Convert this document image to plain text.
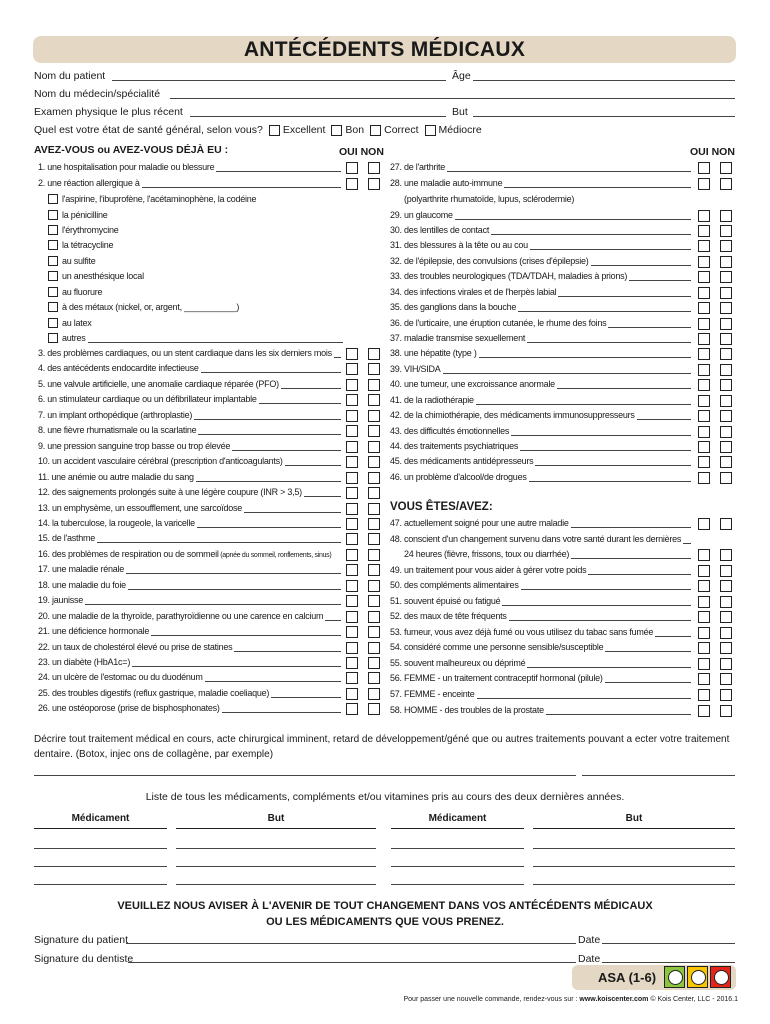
ANTÉCÉDENTS MÉDICAUX
Nom du patient	Âge
Nom du médecin/spécialité
Examen physique le plus récent	But
Quel est votre état de santé général, selon vous? Excellent Bon Correct Médiocre
AVEZ-VOUS ou AVEZ-VOUS DÉJÀ EU :	OUI NON	OUI NON
1. une hospitalisation pour maladie ou blessure
2. une réaction allergique à
l'aspirine, l'ibuprofène, l'acétaminophène, la codéine
la pénicilline
l'érythromycine
la tétracycline
au sulfite
un anesthésique local
au fluorure
à des métaux (nickel, or, argent, ___________)
au latex
autres
3. des problèmes cardiaques, ou un stent cardiaque dans les six derniers mois
4. des antécédents endocardite infectieuse
5. une valvule artificielle, une anomalie cardiaque réparée (PFO)
6. un stimulateur cardiaque ou un défibrillateur implantable
7. un implant orthopédique (arthroplastie)
8. une fièvre rhumatismale ou la scarlatine
9. une pression sanguine trop basse ou trop élevée
10. un accident vasculaire cérébral (prescription d'anticoagulants)
11. une anémie ou autre maladie du sang
12. des saignements prolongés suite à une légère coupure (INR > 3,5)
13. un emphysème, un essoufflement, une sarcoïdose
14. la tuberculose, la rougeole, la varicelle
15. de l'asthme
16. des problèmes de respiration ou de sommeil (apnée du sommeil, ronflements, sinus)
17. une maladie rénale
18. une maladie du foie
19. jaunisse
20. une maladie de la thyroïde, parathyroïdienne ou une carence en calcium
21. une déficience hormonale
22. un taux de cholestérol élevé ou prise de statines
23. un diabète (HbA1c=)
24. un ulcère de l'estomac ou du duodénum
25. des troubles digestifs (reflux gastrique, maladie coeliaque)
26. une ostéoporose (prise de bisphosphonates)
27. de l'arthrite
28. une maladie auto-immune
29. un glaucome
30. des lentilles de contact
31. des blessures à la tête ou au cou
32. de l'épilepsie, des convulsions (crises d'épilepsie)
33. des troubles neurologiques (TDA/TDAH, maladies à prions)
34. des infections virales et de l'herpès labial
35. des ganglions dans la bouche
36. de l'urticaire, une éruption cutanée, le rhume des foins
37. maladie transmise sexuellement
38. une hépatite (type )
39. VIH/SIDA
40. une tumeur, une excroissance anormale
41. de la radiothérapie
42. de la chimiothérapie, des médicaments immunosuppresseurs
43. des difficultés émotionnelles
44. des traitements psychiatriques
45. des médicaments antidépresseurs
46. un problème d'alcool/de drogues
(polyarthrite rhumatoïde, lupus, sclérodermie)
47. actuellement soigné pour une autre maladie
48. conscient d'un changement survenu dans votre santé durant les dernières
24 heures (fièvre, frissons, toux ou diarrhée)
49. un traitement pour vous aider à gérer votre poids
50. des compléments alimentaires
51. souvent épuisé ou fatigué
52. des maux de tête fréquents
53. fumeur, vous avez déjà fumé ou vous utilisez du tabac sans fumée
54. considéré comme une personne sensible/susceptible
55. souvent malheureux ou déprimé
56. FEMME - un traitement contraceptif hormonal (pilule)
57. FEMME - enceinte
58. HOMME - des troubles de la prostate
VOUS ÊTES/AVEZ:
Décrire tout traitement médical en cours, acte chirurgical imminent, retard de développement/géné que ou autres traitements pouvant a ecter votre traitement dentaire. (Botox, injec ons de collagène, par exemple)
Liste de tous les médicaments, compléments et/ou vitamines pris au cours des deux dernières années.
Médicament	But	Médicament	But
VEUILLEZ NOUS AVISER À L'AVENIR DE TOUT CHANGEMENT DANS VOS ANTÉCÉDENTS MÉDICAUX
OU LES MÉDICAMENTS QUE VOUS PRENEZ.
Signature du patient	Date
Signature du dentiste	Date
ASA (1-6)
Pour passer une nouvelle commande, rendez-vous sur : www.koiscenter.com © Kois Center, LLC - 2016.1
